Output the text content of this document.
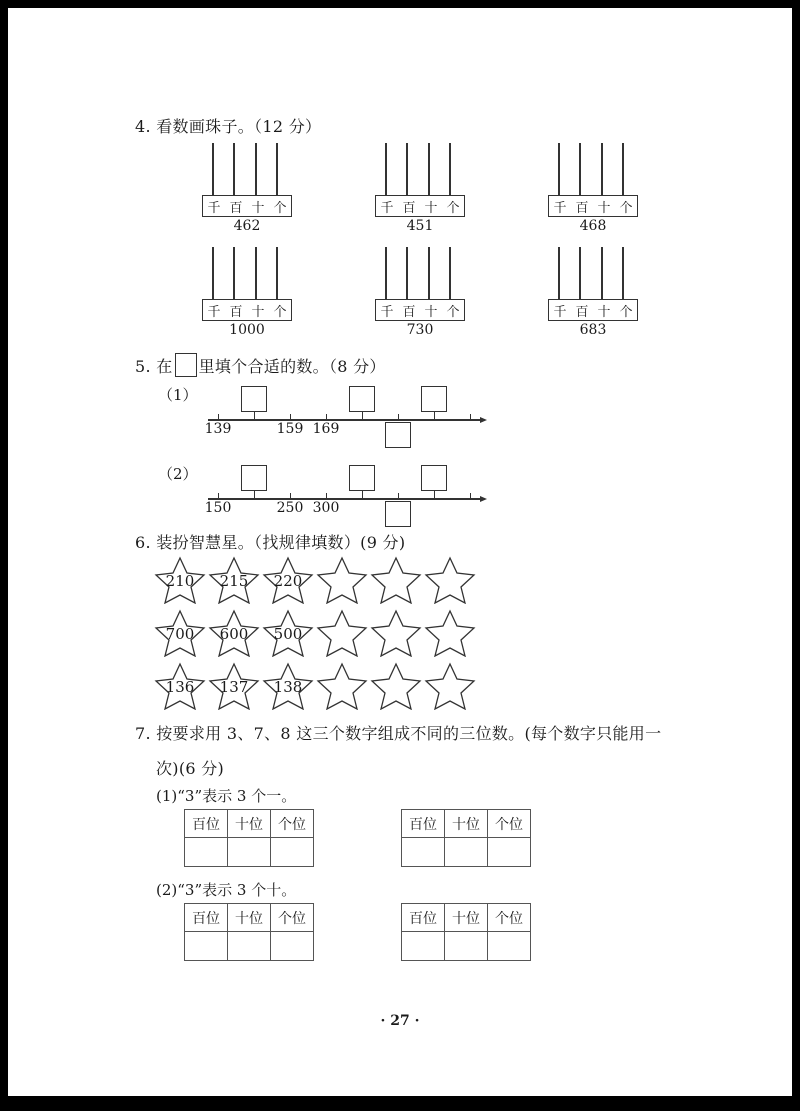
4. 看数画珠子。（12 分）
千 百 十 个
462
千 百 十 个
451
千 百 十 个
468
千 百 十 个
1000
千 百 十 个
730
千 百 十 个
683
5. 在 里填个合适的数。（8 分）
（1）
139	159 169
（2）
150	250 300
6. 装扮智慧星。（找规律填数）(9 分)
210	215	220
700	600	500
136	137	138
7. 按要求用 3、7、8 这三个数字组成不同的三位数。(每个数字只能用一
次)(6 分)
(1)“3”表示 3 个一。
百位	十位	个位
			百位	十位	个位

(2)“3”表示 3 个十。
百位	十位	个位
			百位	十位	个位

· 27 ·
